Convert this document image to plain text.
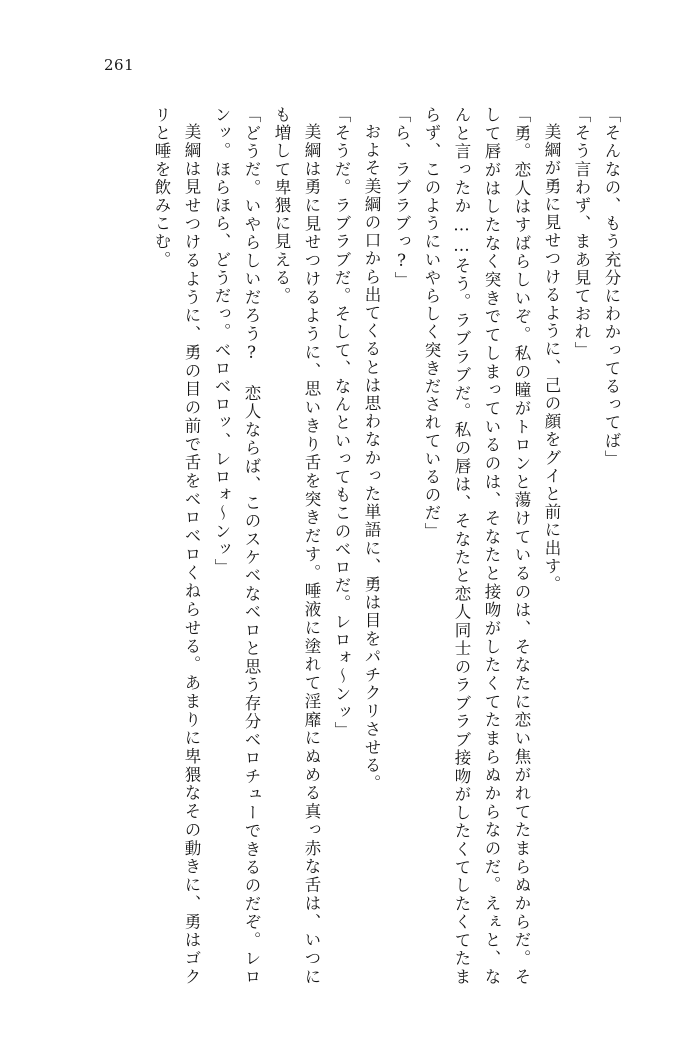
261

「そんなの、もう充分にわかってるってば」

「そう言わず、まあ見ておれ」

美綱が勇に見せつけるように、己の顔をグイと前に出す。

「勇。恋人はすばらしいぞ。私の瞳がトロンと蕩けているのは、そなたに恋い焦がれてたまらぬからだ。そして唇がはしたなく突きでてしまっているのは、そなたと接吻がしたくてたまらぬからなのだ。えぇと、なんと言ったか……そう。ラブラブだ。私の唇は、そなたと恋人同士のラブラブ接吻がしたくてしたくてたまらず、このようにいやらしく突きだされているのだ」

「ら、ラブラブっ?」

およそ美綱の口から出てくるとは思わなかった単語に、勇は目をパチクリさせる。

「そうだ。ラブラブだ。そして、なんといってもこのベロだ。レロォ〜ンッ」

美綱は勇に見せつけるように、思いきり舌を突きだす。唾液に塗れて淫靡にぬめる真っ赤な舌は、いつにも増して卑猥に見える。

「どうだ。いやらしいだろう? 恋人ならば、このスケベなベロと思う存分ベロチューできるのだぞ。レロンッ。ほらほら、どうだっ。ベロベロッ、レロォ〜ンッ」

美綱は見せつけるように、勇の目の前で舌をベロベロくねらせる。あまりに卑猥なその動きに、勇はゴクリと唾を飲みこむ。
